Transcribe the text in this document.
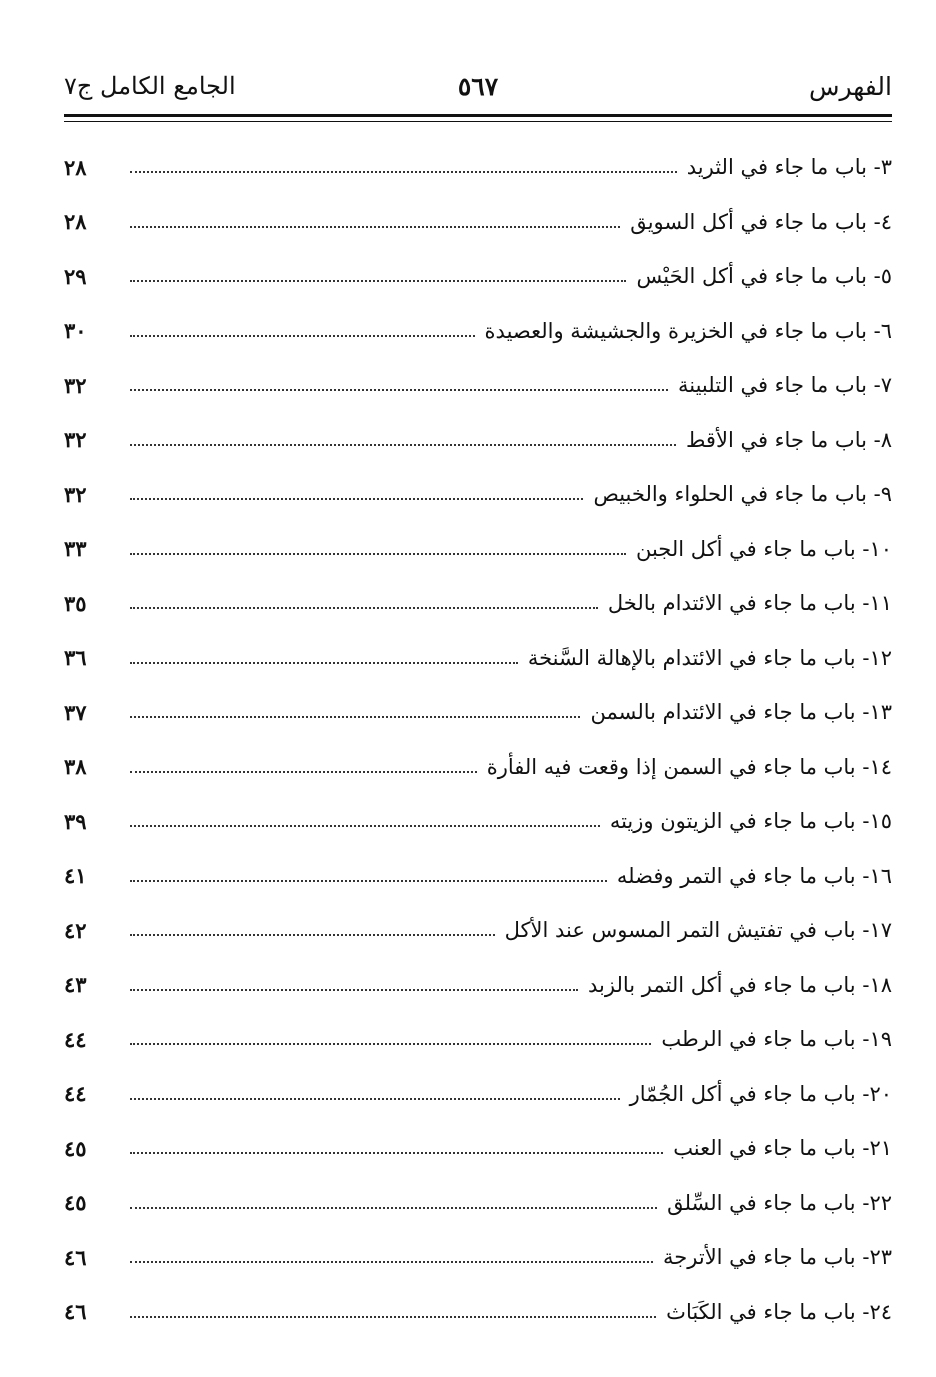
الفهرس
٥٦٧
الجامع الكامل ج٧
٣- باب ما جاء في الثريد
٢٨
٤- باب ما جاء في أكل السويق
٢٨
٥- باب ما جاء في أكل الحَيْس
٢٩
٦- باب ما جاء في الخزيرة والجشيشة والعصيدة
٣٠
٧- باب ما جاء في التلبينة
٣٢
٨- باب ما جاء في الأقط
٣٢
٩- باب ما جاء في الحلواء والخبيص
٣٢
١٠- باب ما جاء في أكل الجبن
٣٣
١١- باب ما جاء في الائتدام بالخل
٣٥
١٢- باب ما جاء في الائتدام بالإهالة السَّنخة
٣٦
١٣- باب ما جاء في الائتدام بالسمن
٣٧
١٤- باب ما جاء في السمن إذا وقعت فيه الفأرة
٣٨
١٥- باب ما جاء في الزيتون وزيته
٣٩
١٦- باب ما جاء في التمر وفضله
٤١
١٧- باب في تفتيش التمر المسوس عند الأكل
٤٢
١٨- باب ما جاء في أكل التمر بالزبد
٤٣
١٩- باب ما جاء في الرطب
٤٤
٢٠- باب ما جاء في أكل الجُمّار
٤٤
٢١- باب ما جاء في العنب
٤٥
٢٢- باب ما جاء في السِّلق
٤٥
٢٣- باب ما جاء في الأترجة
٤٦
٢٤- باب ما جاء في الكَبَاث
٤٦
